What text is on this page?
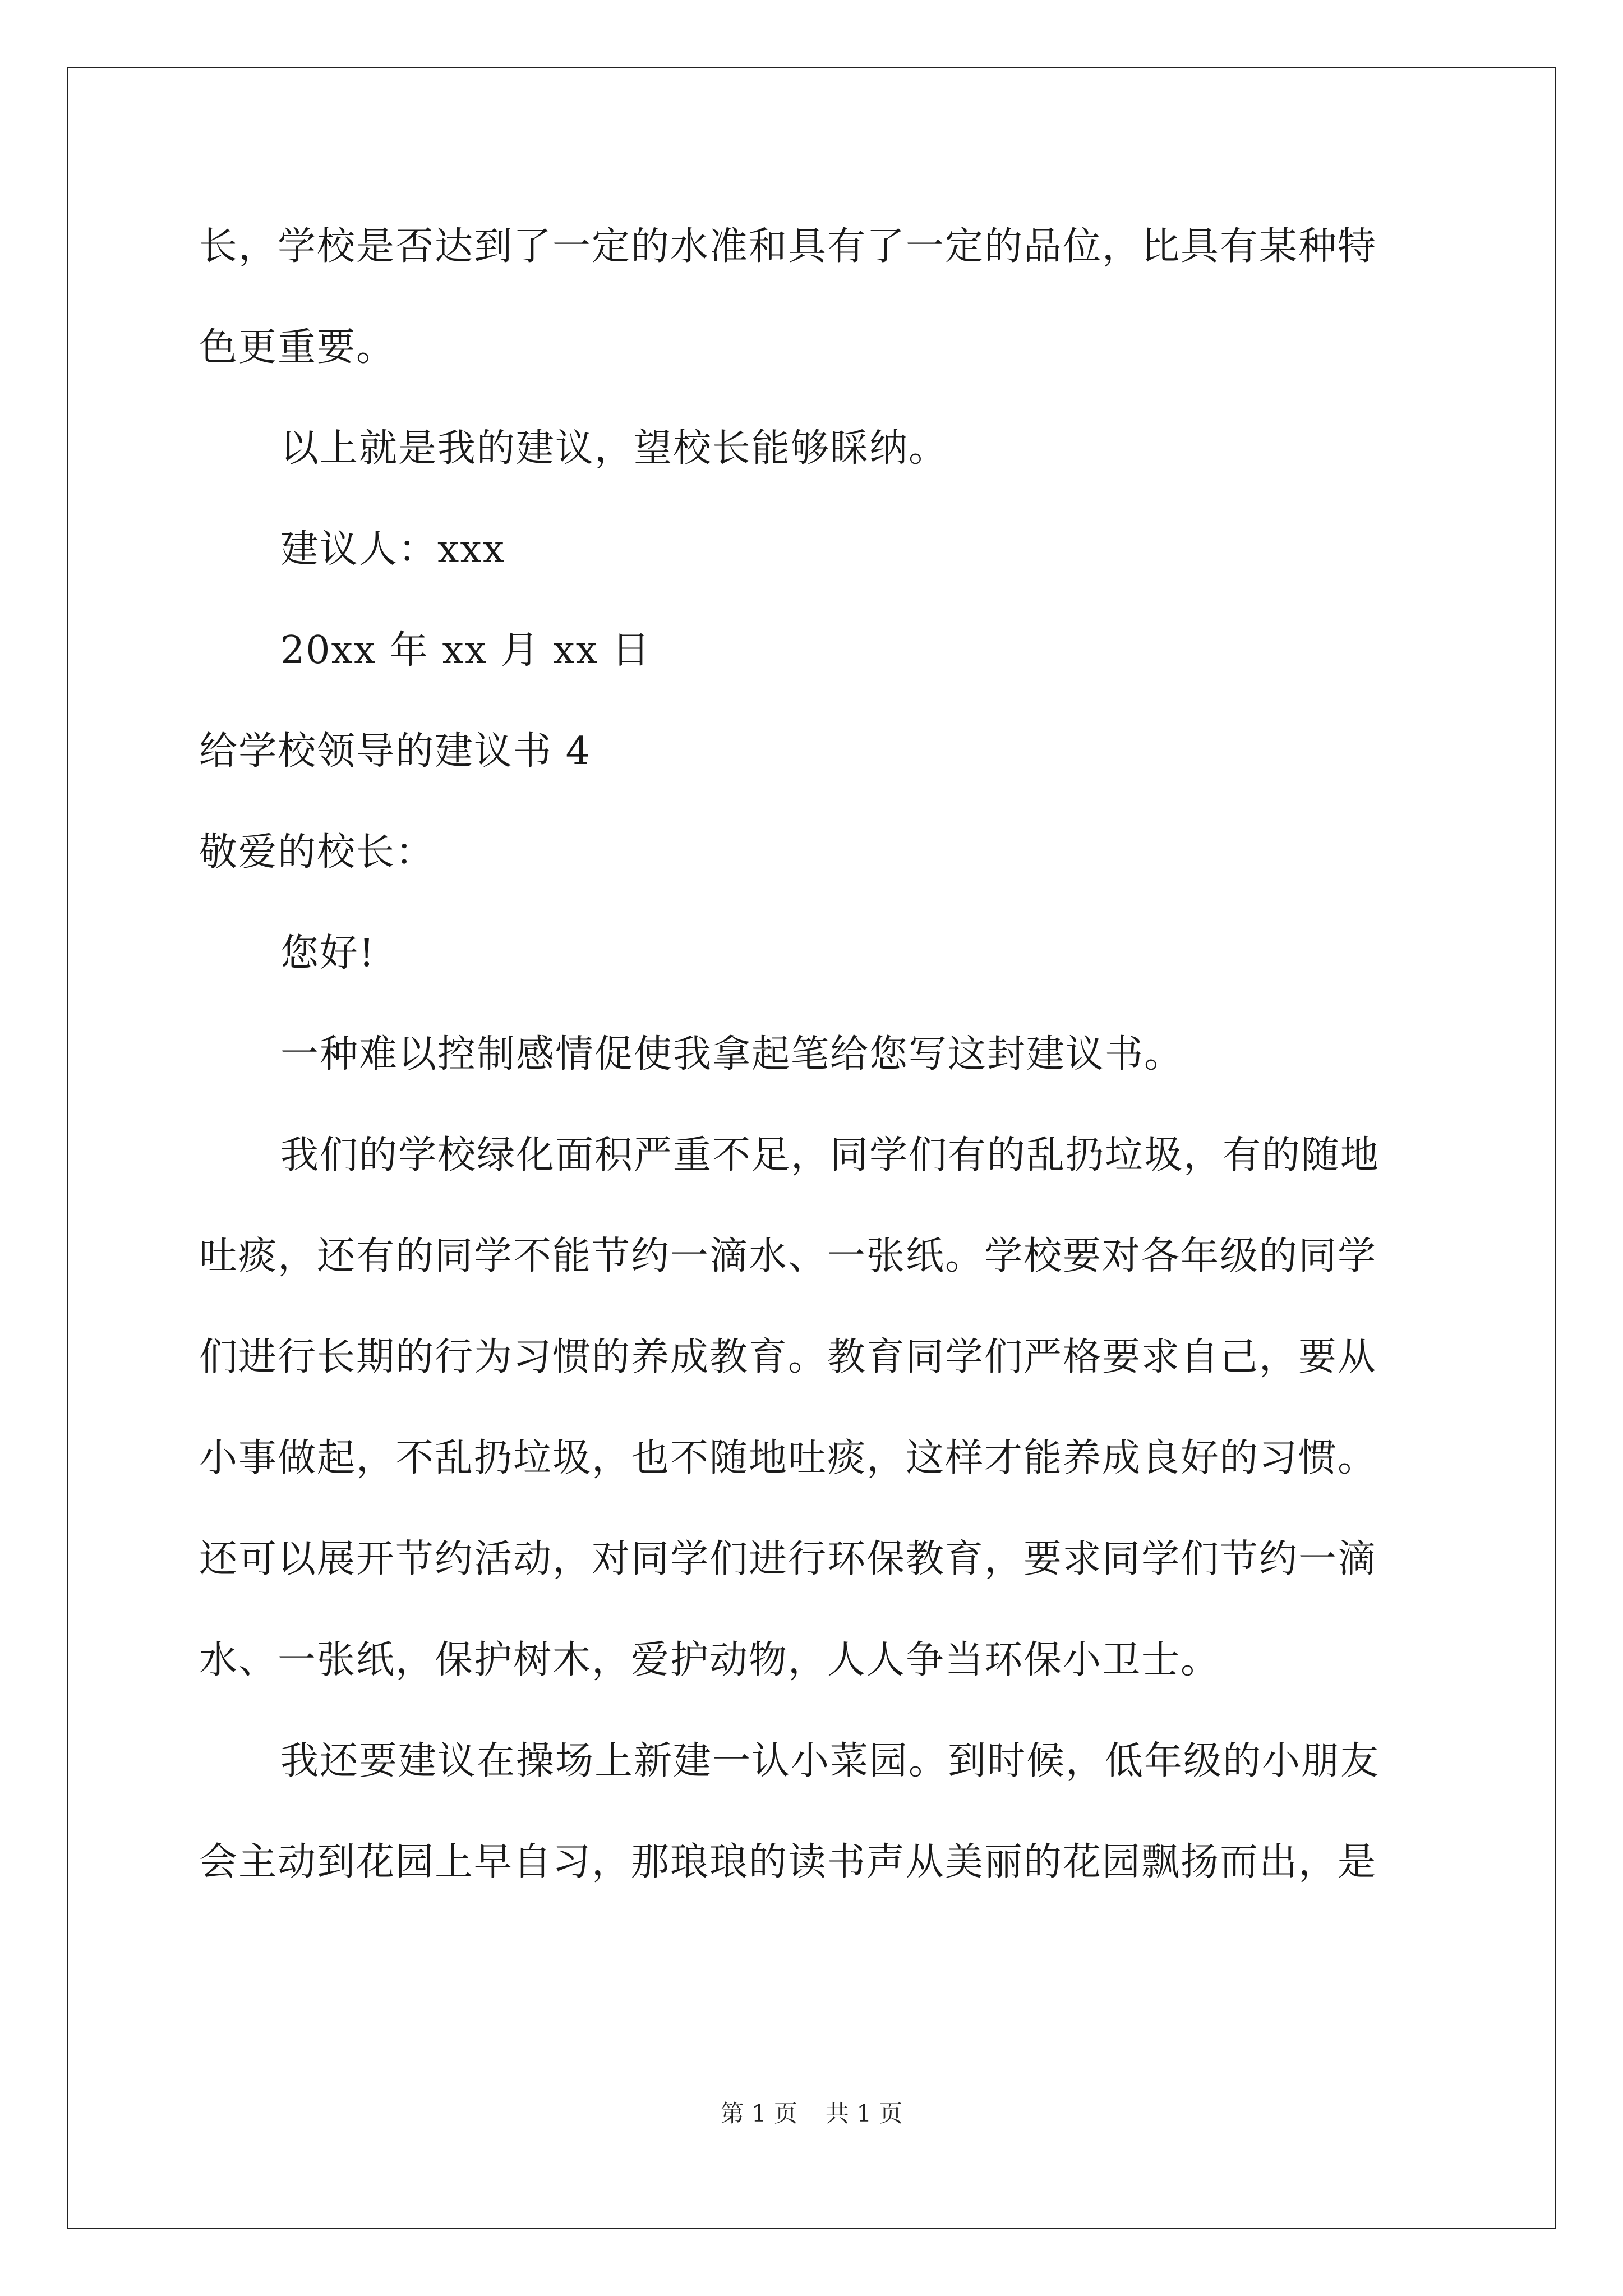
长，学校是否达到了一定的水准和具有了一定的品位，比具有某种特
色更重要。
以上就是我的建议，望校长能够睬纳。
建议人：xxx
20xx 年 xx 月 xx 日
给学校领导的建议书 4
敬爱的校长：
您好!
一种难以控制感情促使我拿起笔给您写这封建议书。
我们的学校绿化面积严重不足，同学们有的乱扔垃圾，有的随地
吐痰，还有的同学不能节约一滴水、一张纸。学校要对各年级的同学
们进行长期的行为习惯的养成教育。教育同学们严格要求自己，要从
小事做起，不乱扔垃圾，也不随地吐痰，这样才能养成良好的习惯。
还可以展开节约活动，对同学们进行环保教育，要求同学们节约一滴
水、一张纸，保护树木，爱护动物，人人争当环保小卫士。
我还要建议在操场上新建一认小菜园。到时候，低年级的小朋友
会主动到花园上早自习，那琅琅的读书声从美丽的花园飘扬而出，是
第 1 页 共 1 页
